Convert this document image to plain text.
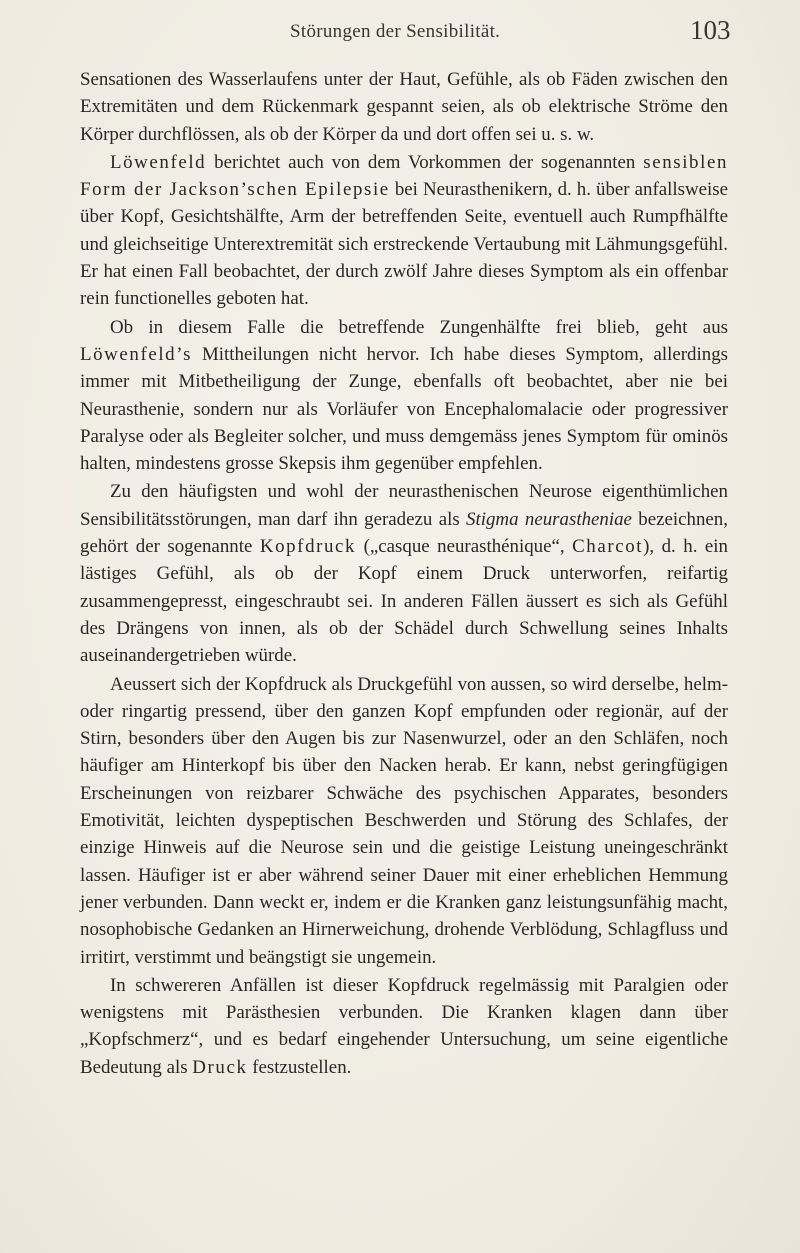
Störungen der Sensibilität.	103

Sensationen des Wasserlaufens unter der Haut, Gefühle, als ob Fäden zwischen den Extremitäten und dem Rückenmark gespannt seien, als ob elektrische Ströme den Körper durchflössen, als ob der Körper da und dort offen sei u. s. w.

Löwenfeld berichtet auch von dem Vorkommen der sogenannten sensiblen Form der Jackson’schen Epilepsie bei Neurasthenikern, d. h. über anfallsweise über Kopf, Gesichtshälfte, Arm der betreffenden Seite, eventuell auch Rumpfhälfte und gleichseitige Unterextremität sich erstreckende Vertaubung mit Lähmungsgefühl. Er hat einen Fall beobachtet, der durch zwölf Jahre dieses Symptom als ein offenbar rein functionelles geboten hat.

Ob in diesem Falle die betreffende Zungenhälfte frei blieb, geht aus Löwenfeld’s Mittheilungen nicht hervor. Ich habe dieses Symptom, allerdings immer mit Mitbetheiligung der Zunge, ebenfalls oft beobachtet, aber nie bei Neurasthenie, sondern nur als Vorläufer von Encephalomalacie oder progressiver Paralyse oder als Begleiter solcher, und muss demgemäss jenes Symptom für ominös halten, mindestens grosse Skepsis ihm gegenüber empfehlen.

Zu den häufigsten und wohl der neurasthenischen Neurose eigenthümlichen Sensibilitätsstörungen, man darf ihn geradezu als Stigma neurastheniae bezeichnen, gehört der sogenannte Kopfdruck („casque neurasthénique“, Charcot), d. h. ein lästiges Gefühl, als ob der Kopf einem Druck unterworfen, reifartig zusammengepresst, eingeschraubt sei. In anderen Fällen äussert es sich als Gefühl des Drängens von innen, als ob der Schädel durch Schwellung seines Inhalts auseinandergetrieben würde.

Aeussert sich der Kopfdruck als Druckgefühl von aussen, so wird derselbe, helm- oder ringartig pressend, über den ganzen Kopf empfunden oder regionär, auf der Stirn, besonders über den Augen bis zur Nasenwurzel, oder an den Schläfen, noch häufiger am Hinterkopf bis über den Nacken herab. Er kann, nebst geringfügigen Erscheinungen von reizbarer Schwäche des psychischen Apparates, besonders Emotivität, leichten dyspeptischen Beschwerden und Störung des Schlafes, der einzige Hinweis auf die Neurose sein und die geistige Leistung uneingeschränkt lassen. Häufiger ist er aber während seiner Dauer mit einer erheblichen Hemmung jener verbunden. Dann weckt er, indem er die Kranken ganz leistungsunfähig macht, nosophobische Gedanken an Hirnerweichung, drohende Verblödung, Schlagfluss und irritirt, verstimmt und beängstigt sie ungemein.

In schwereren Anfällen ist dieser Kopfdruck regelmässig mit Paralgien oder wenigstens mit Parästhesien verbunden. Die Kranken klagen dann über „Kopfschmerz“, und es bedarf eingehender Untersuchung, um seine eigentliche Bedeutung als Druck festzustellen.
